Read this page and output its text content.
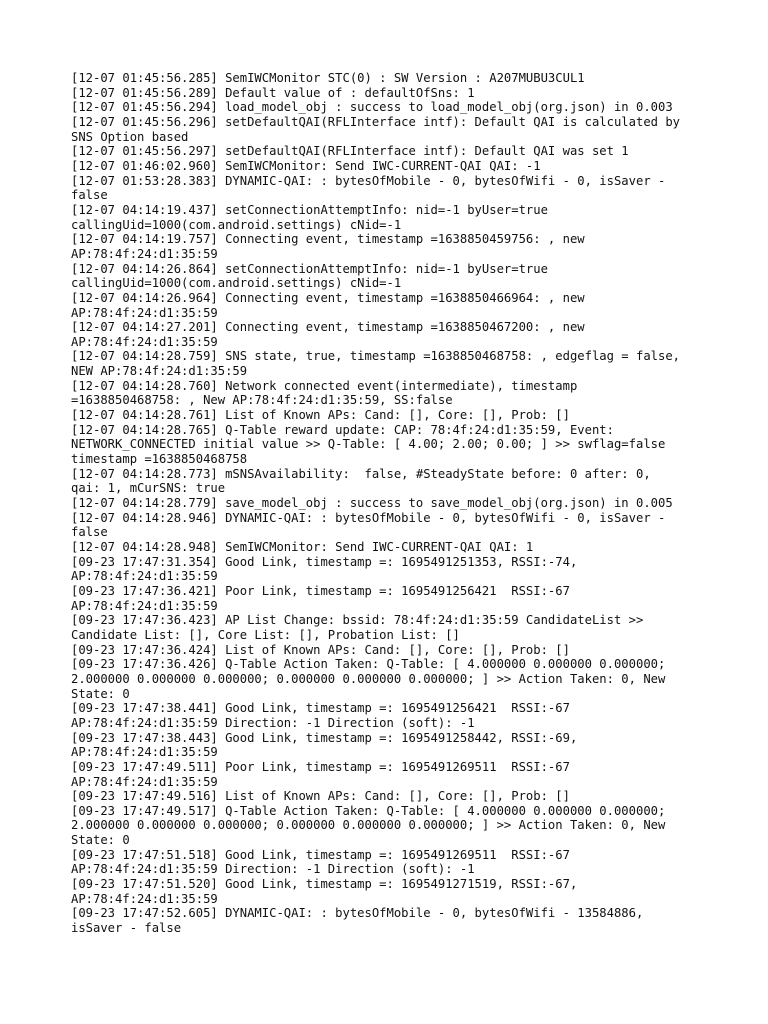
[12-07 01:45:56.285] SemIWCMonitor STC(0) : SW Version : A207MUBU3CUL1
[12-07 01:45:56.289] Default value of : defaultOfSns: 1
[12-07 01:45:56.294] load_model_obj : success to load_model_obj(org.json) in 0.003
[12-07 01:45:56.296] setDefaultQAI(RFLInterface intf): Default QAI is calculated by
SNS Option based
[12-07 01:45:56.297] setDefaultQAI(RFLInterface intf): Default QAI was set 1
[12-07 01:46:02.960] SemIWCMonitor: Send IWC-CURRENT-QAI QAI: -1
[12-07 01:53:28.383] DYNAMIC-QAI: : bytesOfMobile - 0, bytesOfWifi - 0, isSaver -
false
[12-07 04:14:19.437] setConnectionAttemptInfo: nid=-1 byUser=true
callingUid=1000(com.android.settings) cNid=-1
[12-07 04:14:19.757] Connecting event, timestamp =1638850459756: , new
AP:78:4f:24:d1:35:59
[12-07 04:14:26.864] setConnectionAttemptInfo: nid=-1 byUser=true
callingUid=1000(com.android.settings) cNid=-1
[12-07 04:14:26.964] Connecting event, timestamp =1638850466964: , new
AP:78:4f:24:d1:35:59
[12-07 04:14:27.201] Connecting event, timestamp =1638850467200: , new
AP:78:4f:24:d1:35:59
[12-07 04:14:28.759] SNS state, true, timestamp =1638850468758: , edgeflag = false,
NEW AP:78:4f:24:d1:35:59
[12-07 04:14:28.760] Network connected event(intermediate), timestamp
=1638850468758: , New AP:78:4f:24:d1:35:59, SS:false
[12-07 04:14:28.761] List of Known APs: Cand: [], Core: [], Prob: []
[12-07 04:14:28.765] Q-Table reward update: CAP: 78:4f:24:d1:35:59, Event:
NETWORK_CONNECTED initial value >> Q-Table: [ 4.00; 2.00; 0.00; ] >> swflag=false
timestamp =1638850468758
[12-07 04:14:28.773] mSNSAvailability:  false, #SteadyState before: 0 after: 0,
qai: 1, mCurSNS: true
[12-07 04:14:28.779] save_model_obj : success to save_model_obj(org.json) in 0.005
[12-07 04:14:28.946] DYNAMIC-QAI: : bytesOfMobile - 0, bytesOfWifi - 0, isSaver -
false
[12-07 04:14:28.948] SemIWCMonitor: Send IWC-CURRENT-QAI QAI: 1
[09-23 17:47:31.354] Good Link, timestamp =: 1695491251353, RSSI:-74,
AP:78:4f:24:d1:35:59
[09-23 17:47:36.421] Poor Link, timestamp =: 1695491256421  RSSI:-67
AP:78:4f:24:d1:35:59
[09-23 17:47:36.423] AP List Change: bssid: 78:4f:24:d1:35:59 CandidateList >>
Candidate List: [], Core List: [], Probation List: []
[09-23 17:47:36.424] List of Known APs: Cand: [], Core: [], Prob: []
[09-23 17:47:36.426] Q-Table Action Taken: Q-Table: [ 4.000000 0.000000 0.000000;
2.000000 0.000000 0.000000; 0.000000 0.000000 0.000000; ] >> Action Taken: 0, New
State: 0
[09-23 17:47:38.441] Good Link, timestamp =: 1695491256421  RSSI:-67
AP:78:4f:24:d1:35:59 Direction: -1 Direction (soft): -1
[09-23 17:47:38.443] Good Link, timestamp =: 1695491258442, RSSI:-69,
AP:78:4f:24:d1:35:59
[09-23 17:47:49.511] Poor Link, timestamp =: 1695491269511  RSSI:-67
AP:78:4f:24:d1:35:59
[09-23 17:47:49.516] List of Known APs: Cand: [], Core: [], Prob: []
[09-23 17:47:49.517] Q-Table Action Taken: Q-Table: [ 4.000000 0.000000 0.000000;
2.000000 0.000000 0.000000; 0.000000 0.000000 0.000000; ] >> Action Taken: 0, New
State: 0
[09-23 17:47:51.518] Good Link, timestamp =: 1695491269511  RSSI:-67
AP:78:4f:24:d1:35:59 Direction: -1 Direction (soft): -1
[09-23 17:47:51.520] Good Link, timestamp =: 1695491271519, RSSI:-67,
AP:78:4f:24:d1:35:59
[09-23 17:47:52.605] DYNAMIC-QAI: : bytesOfMobile - 0, bytesOfWifi - 13584886,
isSaver - false
